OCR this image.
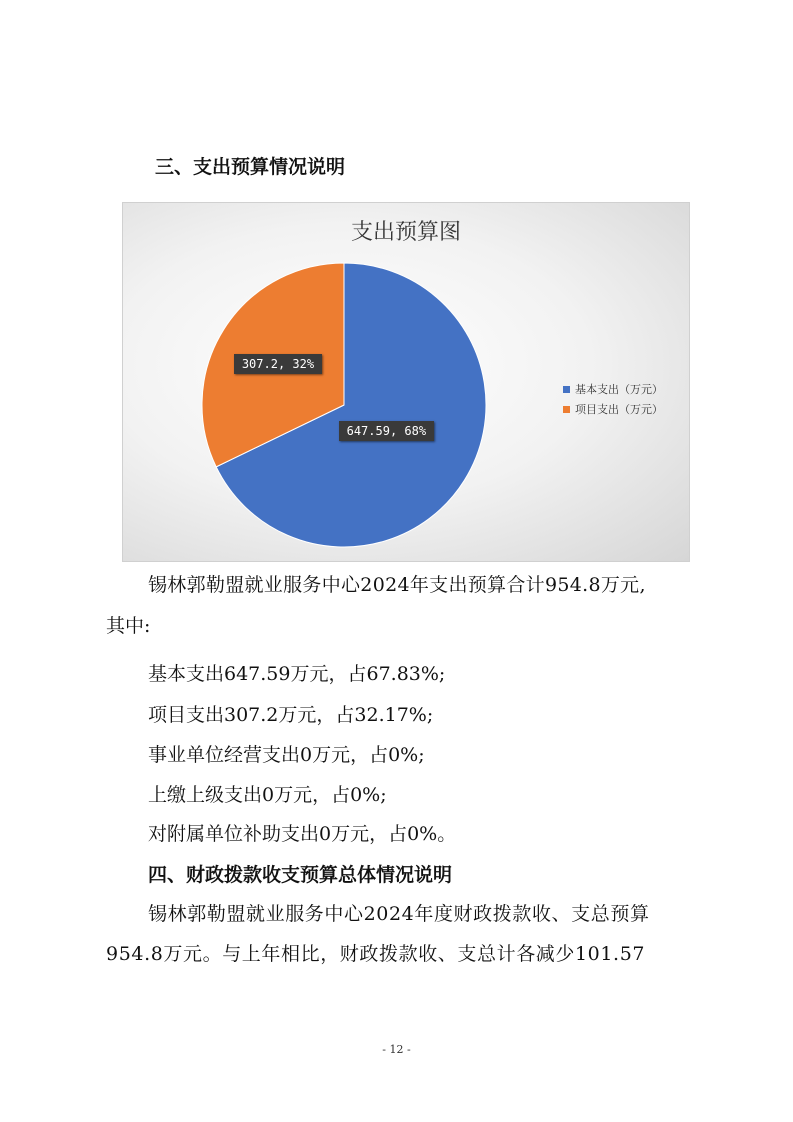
三、支出预算情况说明
支出预算图
647.59, 68%
307.2, 32%
基本支出（万元）
项目支出（万元）
锡林郭勒盟就业服务中心2024年支出预算合计954.8万元,
其中:
基本支出647.59万元，占67.83%;
项目支出307.2万元，占32.17%;
事业单位经营支出0万元，占0%;
上缴上级支出0万元，占0%;
对附属单位补助支出0万元，占0%。
四、财政拨款收支预算总体情况说明
锡林郭勒盟就业服务中心2024年度财政拨款收、支总预算
954.8万元。与上年相比，财政拨款收、支总计各减少101.57
- 12 -
